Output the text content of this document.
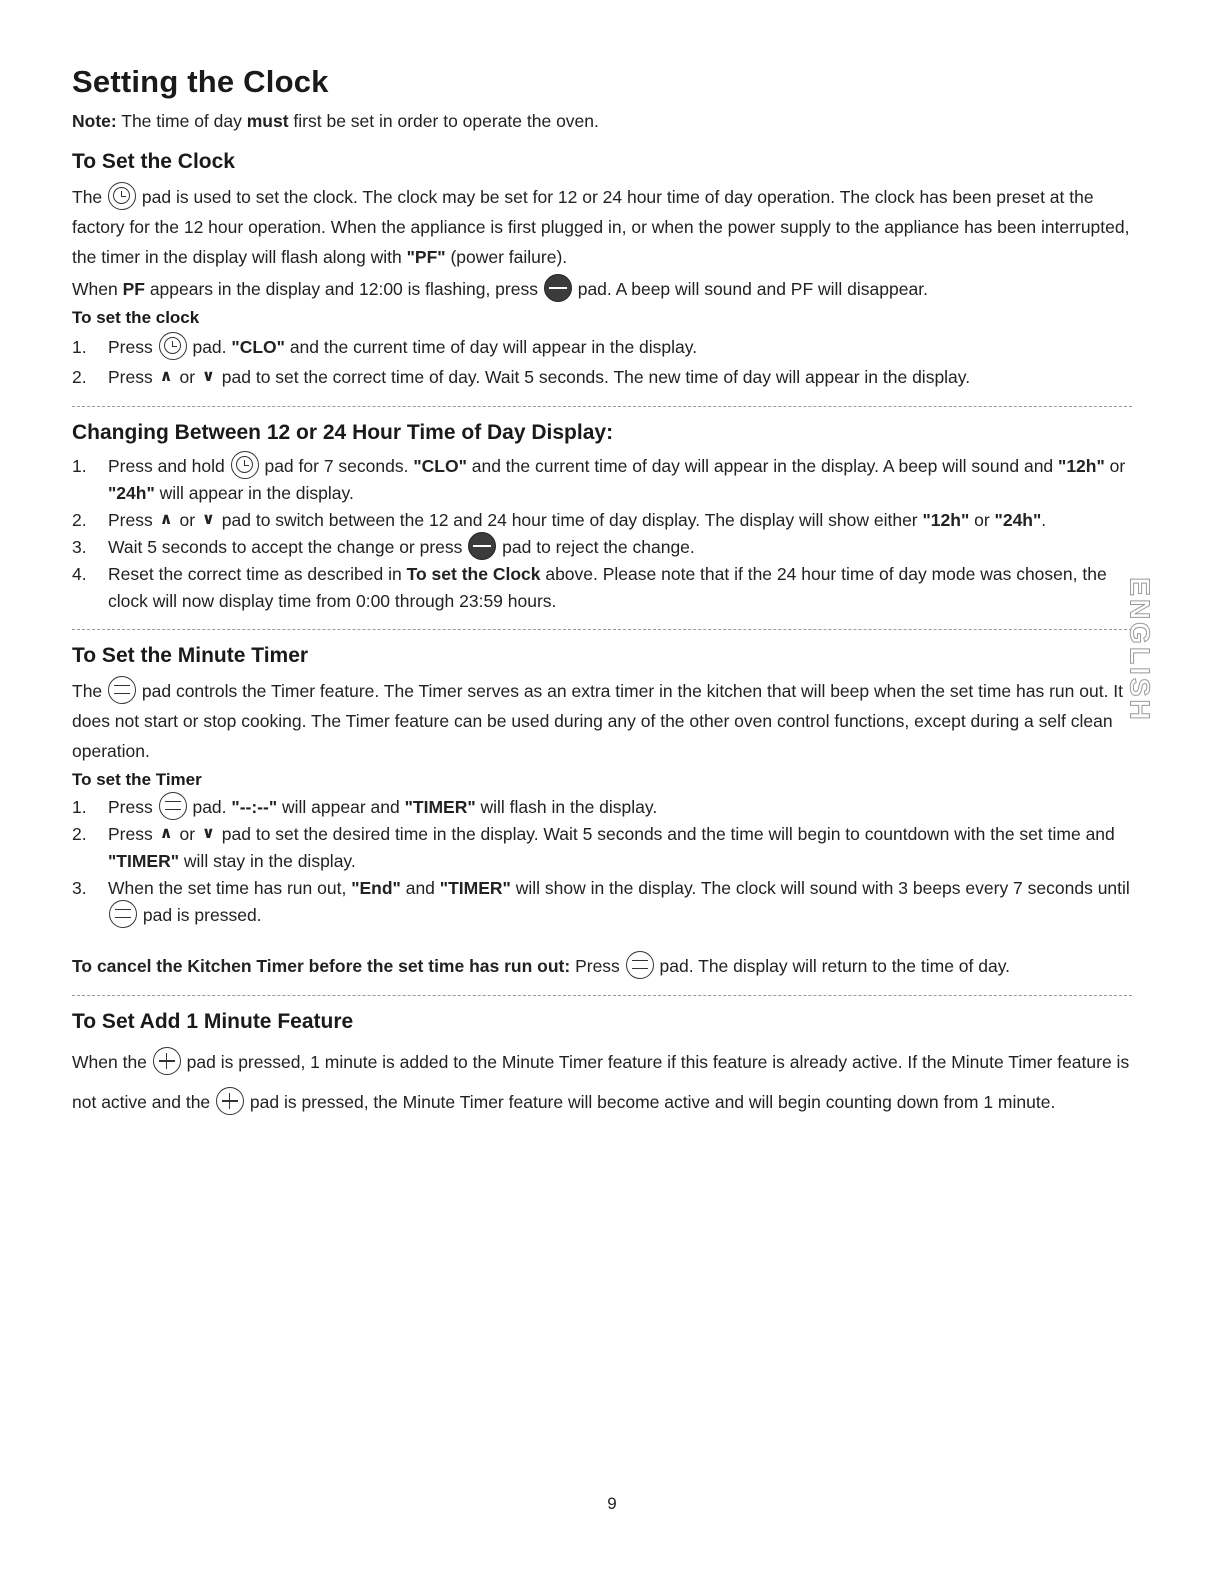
Setting the Clock

Note: The time of day must first be set in order to operate the oven.

To Set the Clock

The  pad is used to set the clock. The clock may be set for 12 or 24 hour time of day operation. The clock has been preset at the factory for the 12 hour operation. When the appliance is first plugged in, or when the power supply to the appliance has been interrupted, the timer in the display will flash along with "PF" (power failure).

When PF appears in the display and 12:00 is flashing, press  pad. A beep will sound and PF will disappear.

To set the clock
1. Press  pad. "CLO" and the current time of day will appear in the display.
2. Press ∧ or ∨ pad to set the correct time of day. Wait 5 seconds. The new time of day will appear in the display.
Changing Between 12 or 24 Hour Time of Day Display:
1. Press and hold  pad for 7 seconds. "CLO" and the current time of day will appear in the display. A beep will sound and "12h" or "24h" will appear in the display.
2. Press ∧ or ∨ pad to switch between the 12 and 24 hour time of day display. The display will show either "12h" or "24h".
3. Wait 5 seconds to accept the change or press  pad to reject the change.
4. Reset the correct time as described in To set the Clock above. Please note that if the 24 hour time of day mode was chosen, the clock will now display time from 0:00 through 23:59 hours.
To Set the Minute Timer

The  pad controls the Timer feature. The Timer serves as an extra timer in the kitchen that will beep when the set time has run out. It does not start or stop cooking. The Timer feature can be used during any of the other oven control functions, except during a self clean operation.

To set the Timer
1. Press  pad. "--:--" will appear and "TIMER" will flash in the display.
2. Press ∧ or ∨ pad to set the desired time in the display. Wait 5 seconds and the time will begin to countdown with the set time and "TIMER" will stay in the display.
3. When the set time has run out, "End" and "TIMER" will show in the display. The clock will sound with 3 beeps every 7 seconds until  pad is pressed.

To cancel the Kitchen Timer before the set time has run out: Press  pad. The display will return to the time of day.

To Set Add 1 Minute Feature

When the  pad is pressed, 1 minute is added to the Minute Timer feature if this feature is already active. If the Minute Timer feature is not active and the  pad is pressed, the Minute Timer feature will become active and will begin counting down from 1 minute.

ENGLISH
9
